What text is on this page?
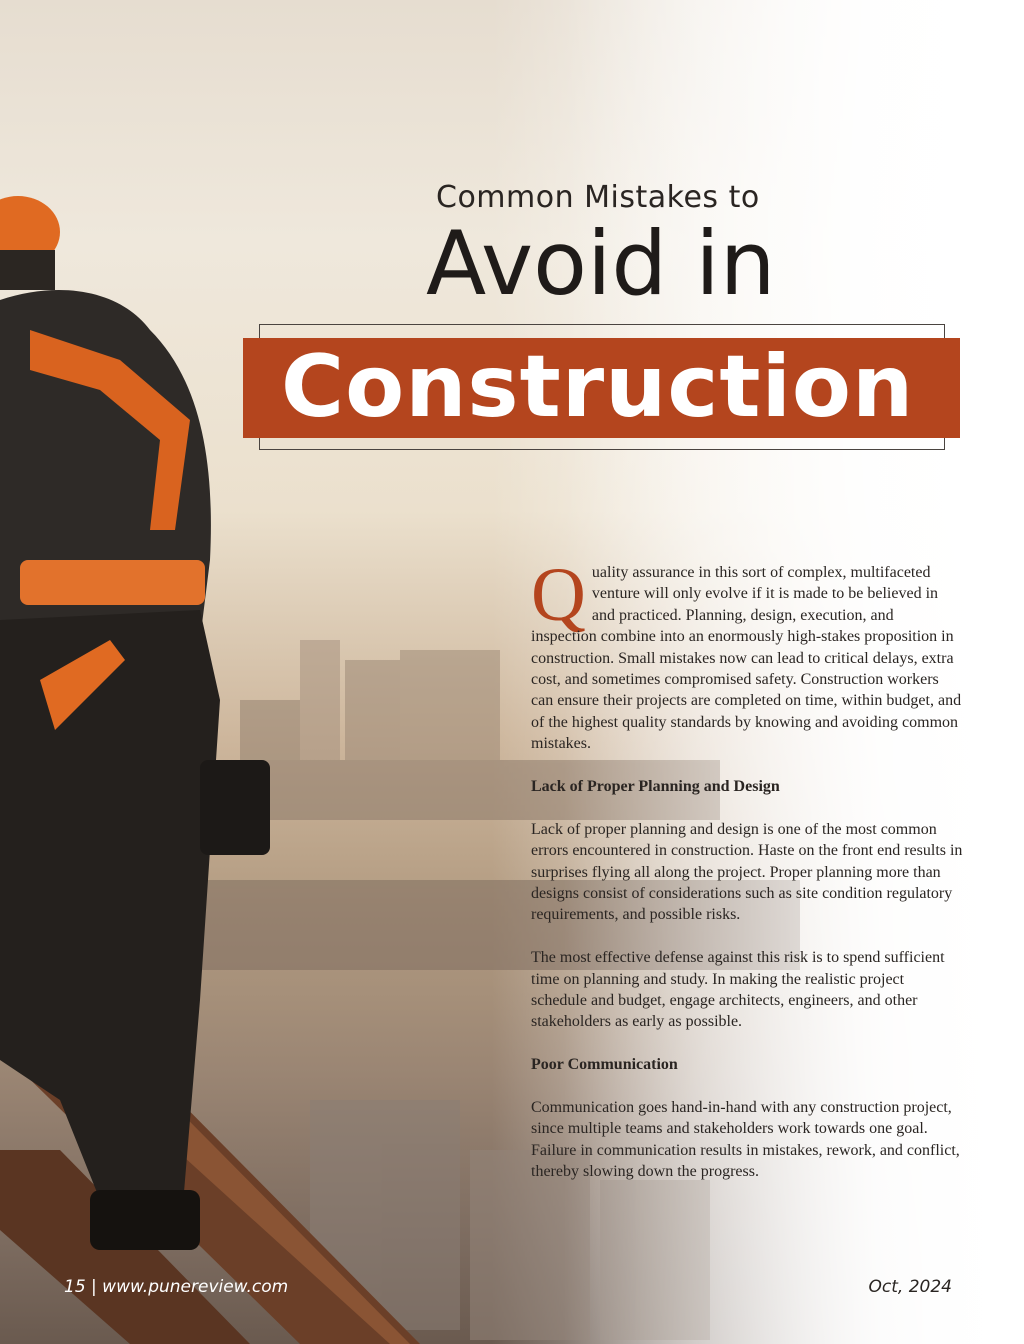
Common Mistakes to
Avoid in
Construction

Quality assurance in this sort of complex, multifaceted venture will only evolve if it is made to be believed in and practiced. Planning, design, execution, and inspection combine into an enormously high-stakes proposition in construction. Small mistakes now can lead to critical delays, extra cost, and sometimes compromised safety. Construction workers can ensure their projects are completed on time, within budget, and of the highest quality standards by knowing and avoiding common mistakes.

Lack of Proper Planning and Design

Lack of proper planning and design is one of the most common errors encountered in construction. Haste on the front end results in surprises flying all along the project. Proper planning more than designs consist of considerations such as site condition regulatory requirements, and possible risks.

The most effective defense against this risk is to spend sufficient time on planning and study. In making the realistic project schedule and budget, engage architects, engineers, and other stakeholders as early as possible.

Poor Communication

Communication goes hand-in-hand with any construction project, since multiple teams and stakeholders work towards one goal. Failure in communication results in mistakes, rework, and conflict, thereby slowing down the progress.

15 | www.punereview.com	Oct, 2024
